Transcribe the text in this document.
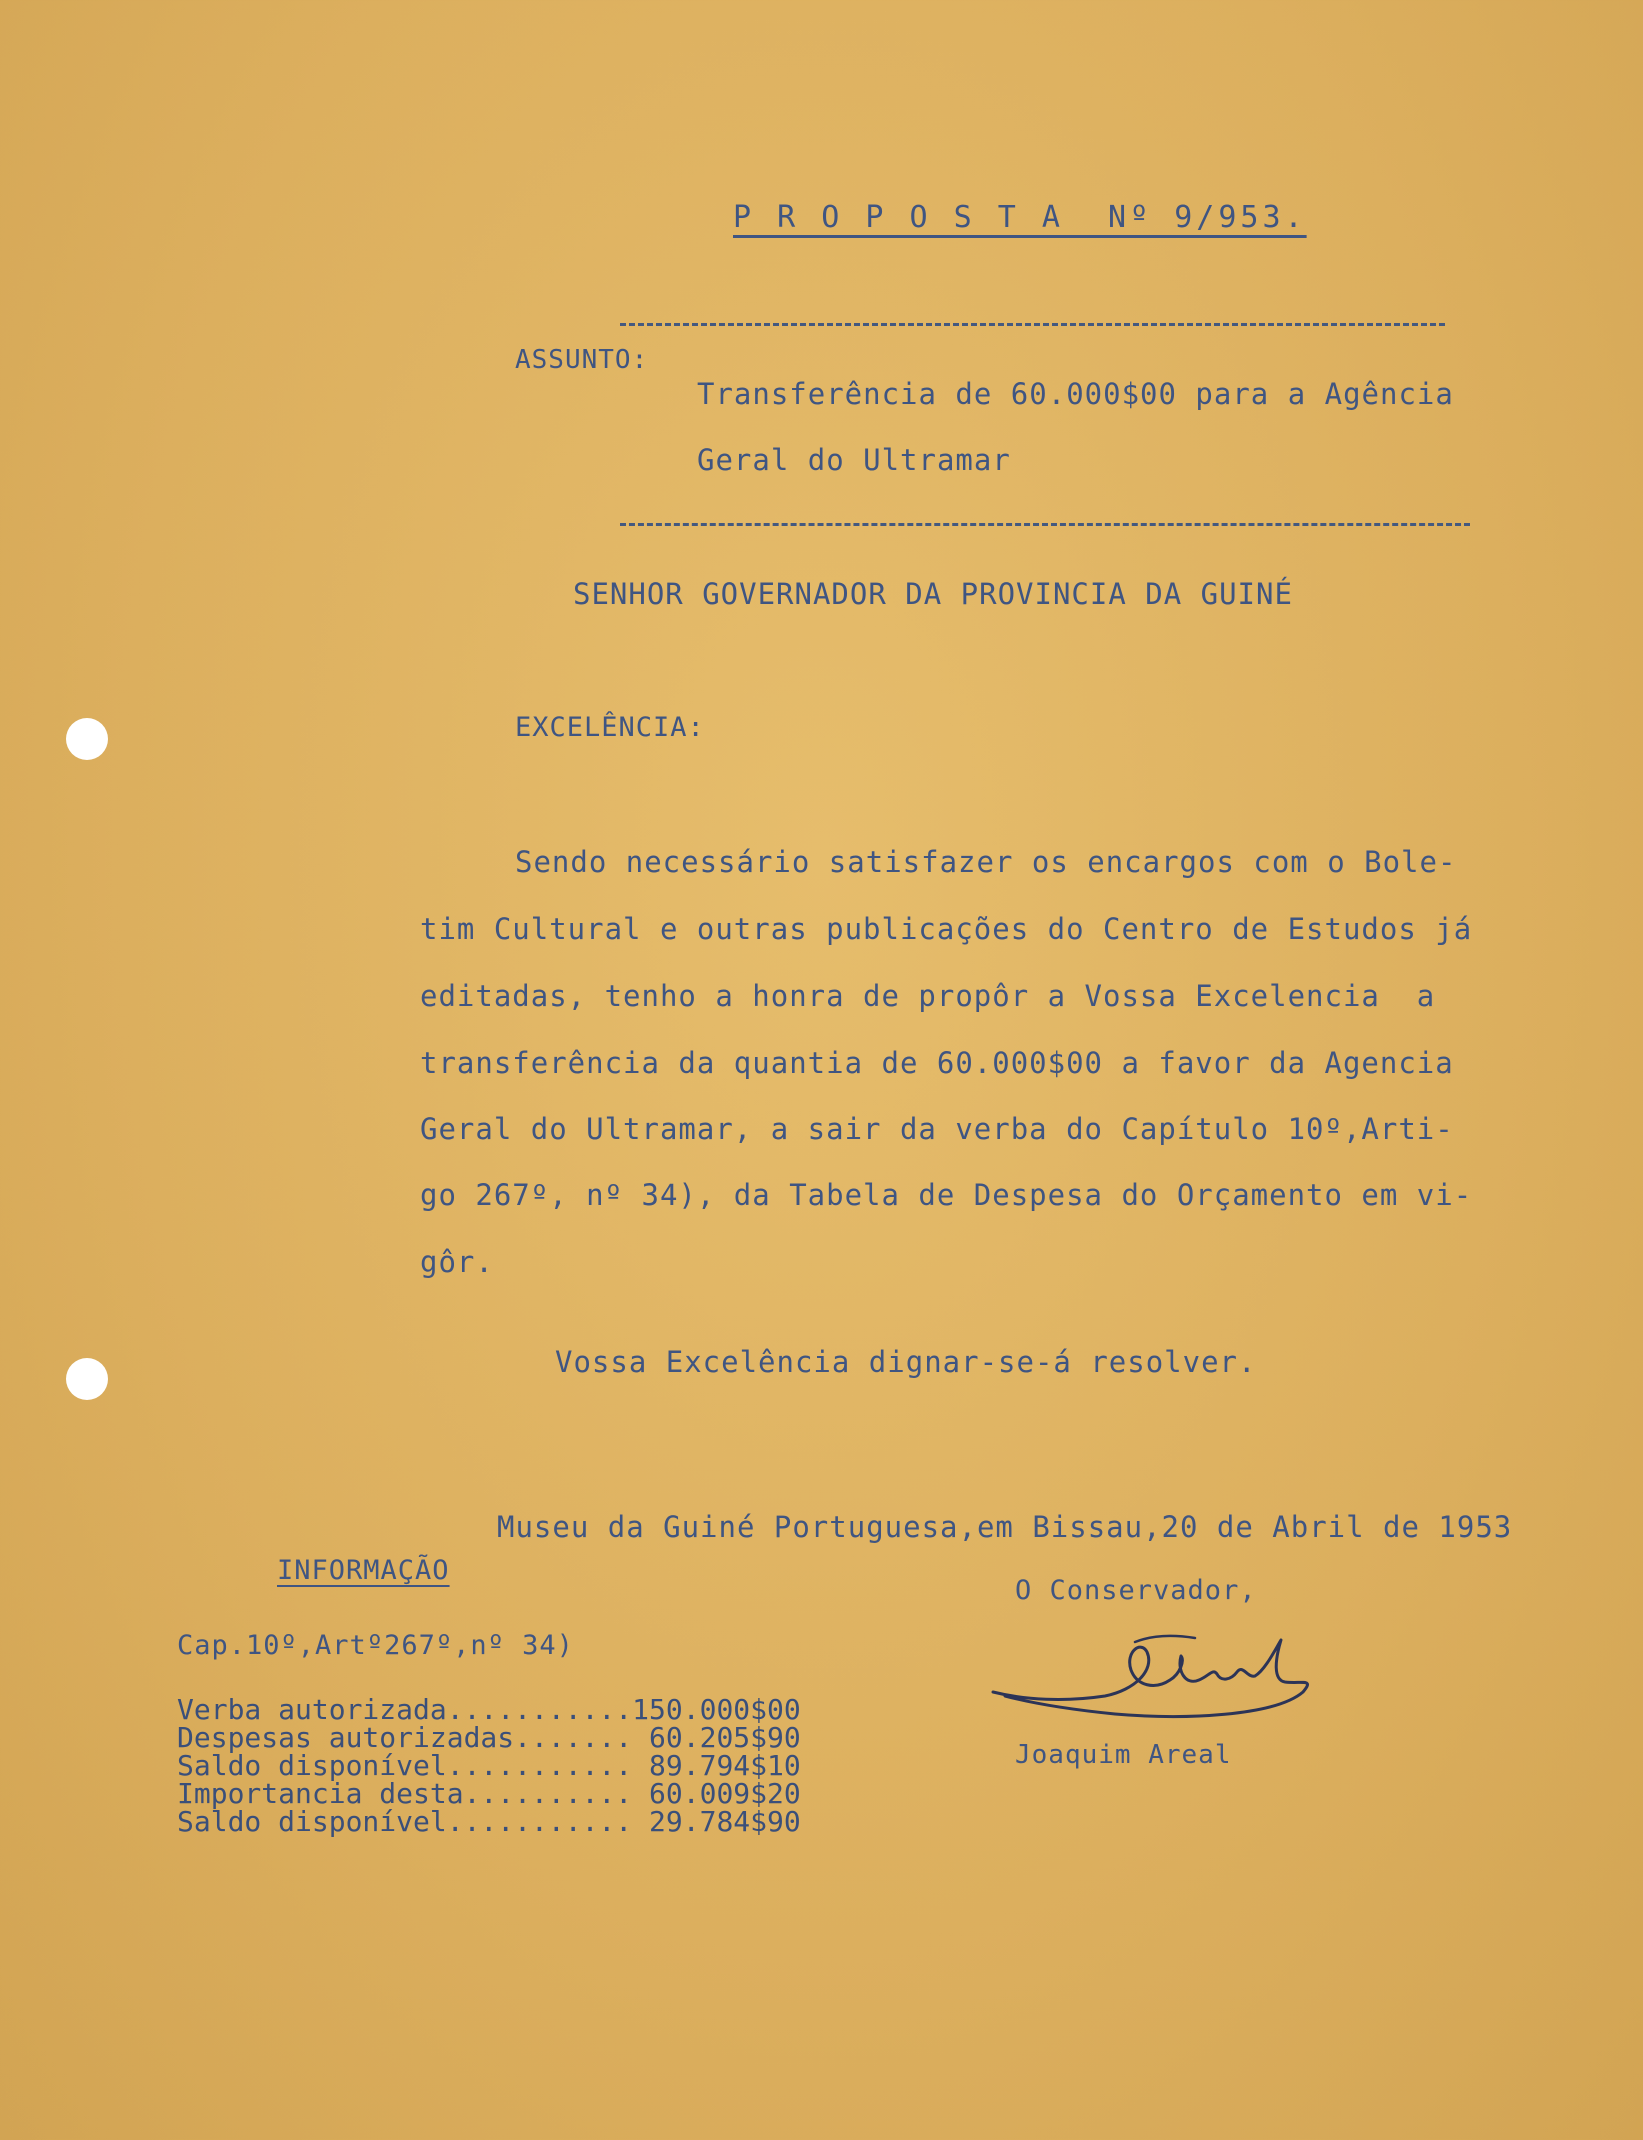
P R O P O S T A  Nº 9/953.
ASSUNTO:
Transferência de 60.000$00 para a Agência
Geral do Ultramar
SENHOR GOVERNADOR DA PROVINCIA DA GUINÉ
EXCELÊNCIA:
Sendo necessário satisfazer os encargos com o Bole-
tim Cultural e outras publicações do Centro de Estudos já
editadas, tenho a honra de propôr a Vossa Excelencia  a
transferência da quantia de 60.000$00 a favor da Agencia
Geral do Ultramar, a sair da verba do Capítulo 10º,Arti-
go 267º, nº 34), da Tabela de Despesa do Orçamento em vi-
gôr.
Vossa Excelência dignar-se-á resolver.
Museu da Guiné Portuguesa,em Bissau,20 de Abril de 1953
O Conservador,
Joaquim Areal
INFORMAÇÃO
Cap.10º,Artº267º,nº 34)
Verba autorizada...........150.000$00
Despesas autorizadas....... 60.205$90
Saldo disponível........... 89.794$10
Importancia desta.......... 60.009$20
Saldo disponível........... 29.784$90
